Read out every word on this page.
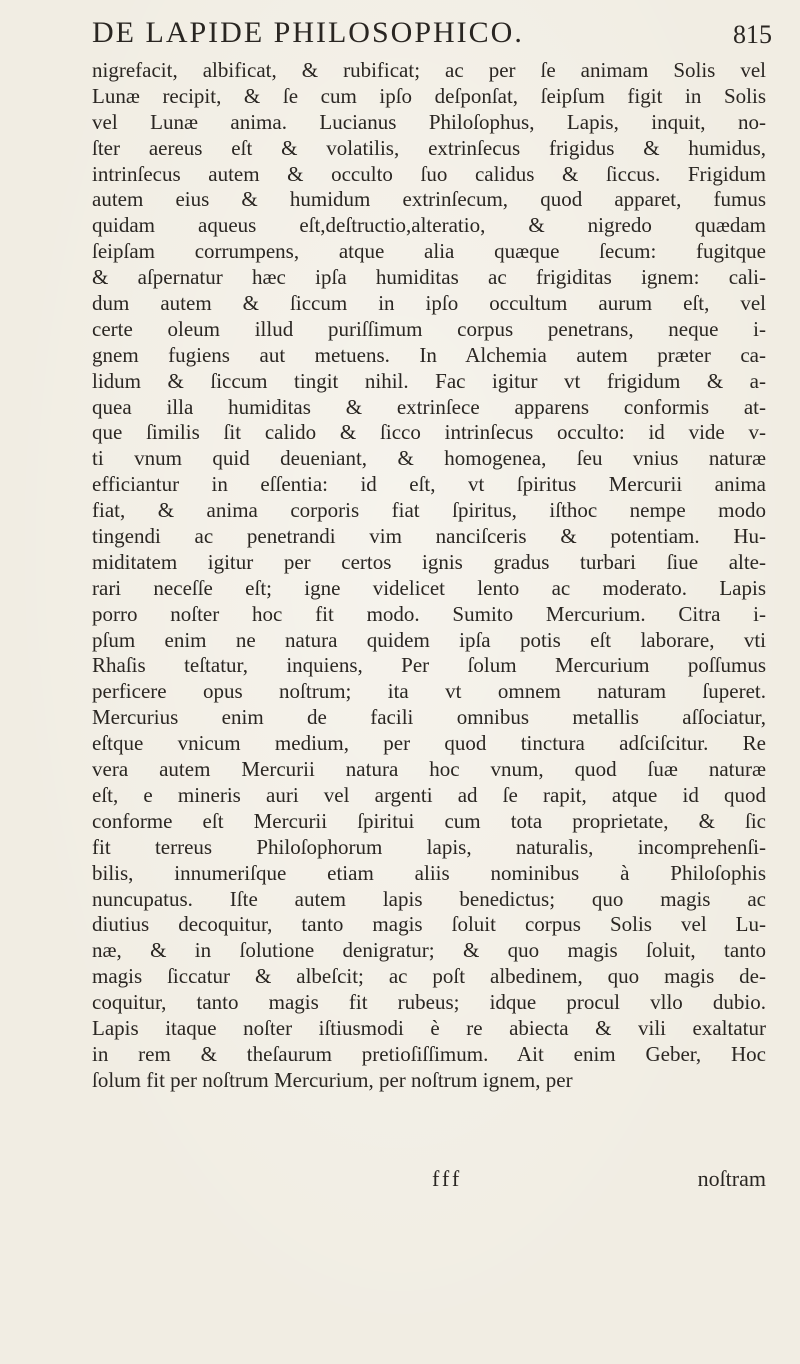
DE LAPIDE PHILOSOPHICO.	815
nigrefacit, albificat, & rubificat; ac per ſe animam Solis vel
Lunæ recipit, & ſe cum ipſo deſponſat, ſeipſum figit in Solis
vel Lunæ anima. Lucianus Philoſophus, Lapis, inquit, no-
ſter aereus eſt & volatilis, extrinſecus frigidus & humidus,
intrinſecus autem & occulto ſuo calidus & ſiccus. Frigidum
autem eius & humidum extrinſecum, quod apparet, fumus
quidam aqueus eſt,deſtructio,alteratio, & nigredo quædam
ſeipſam corrumpens, atque alia quæque ſecum: fugitque
& aſpernatur hæc ipſa humiditas ac frigiditas ignem: cali-
dum autem & ſiccum in ipſo occultum aurum eſt, vel
certe oleum illud puriſſimum corpus penetrans, neque i-
gnem fugiens aut metuens. In Alchemia autem præter ca-
lidum & ſiccum tingit nihil. Fac igitur vt frigidum & a-
quea illa humiditas & extrinſece apparens conformis at-
que ſimilis ſit calido & ſicco intrinſecus occulto: id vide v-
ti vnum quid deueniant, & homogenea, ſeu vnius naturæ
efficiantur in eſſentia: id eſt, vt ſpiritus Mercurii anima
fiat, & anima corporis fiat ſpiritus, iſthoc nempe modo
tingendi ac penetrandi vim nanciſceris & potentiam. Hu-
miditatem igitur per certos ignis gradus turbari ſiue alte-
rari neceſſe eſt; igne videlicet lento ac moderato. Lapis
porro noſter hoc fit modo. Sumito Mercurium. Citra i-
pſum enim ne natura quidem ipſa potis eſt laborare, vti
Rhaſis teſtatur, inquiens, Per ſolum Mercurium poſſumus
perficere opus noſtrum; ita vt omnem naturam ſuperet.
Mercurius enim de facili omnibus metallis aſſociatur,
eſtque vnicum medium, per quod tinctura adſciſcitur. Re
vera autem Mercurii natura hoc vnum, quod ſuæ naturæ
eſt, e mineris auri vel argenti ad ſe rapit, atque id quod
conforme eſt Mercurii ſpiritui cum tota proprietate, & ſic
fit terreus Philoſophorum lapis, naturalis, incomprehenſi-
bilis, innumeriſque etiam aliis nominibus à Philoſophis
nuncupatus. Iſte autem lapis benedictus; quo magis ac
diutius decoquitur, tanto magis ſoluit corpus Solis vel Lu-
næ, & in ſolutione denigratur; & quo magis ſoluit, tanto
magis ſiccatur & albeſcit; ac poſt albedinem, quo magis de-
coquitur, tanto magis fit rubeus; idque procul vllo dubio.
Lapis itaque noſter iſtiusmodi è re abiecta & vili exaltatur
in rem & theſaurum pretioſiſſimum. Ait enim Geber, Hoc
ſolum fit per noſtrum Mercurium, per noſtrum ignem, per
fff	noſtram
